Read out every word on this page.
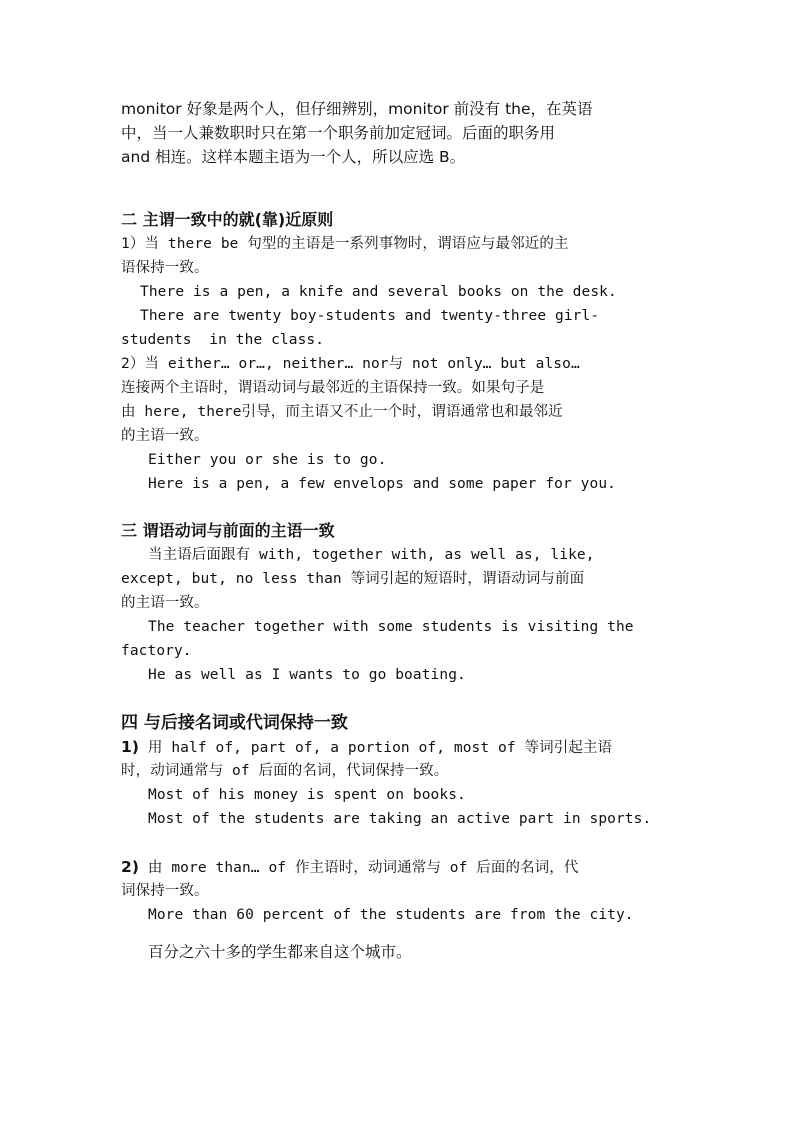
monitor 好象是两个人，但仔细辨别，monitor 前没有 the，在英语
中，当一人兼数职时只在第一个职务前加定冠词。后面的职务用
and 相连。这样本题主语为一个人，所以应选 B。
二 主谓一致中的就(靠)近原则
1）当 there be 句型的主语是一系列事物时，谓语应与最邻近的主
语保持一致。
There is a pen, a knife and several books on the desk.
There are twenty boy-students and twenty-three girl-
students  in the class.
2）当 either… or…, neither… nor与 not only… but also…
连接两个主语时，谓语动词与最邻近的主语保持一致。如果句子是
由 here, there引导，而主语又不止一个时，谓语通常也和最邻近
的主语一致。
Either you or she is to go.
Here is a pen, a few envelops and some paper for you.
三 谓语动词与前面的主语一致
当主语后面跟有 with, together with, as well as, like,
except, but, no less than 等词引起的短语时，谓语动词与前面
的主语一致。
The teacher together with some students is visiting the
factory.
He as well as I wants to go boating.
四 与后接名词或代词保持一致
1) 用 half of, part of, a portion of, most of 等词引起主语
时，动词通常与 of 后面的名词，代词保持一致。
Most of his money is spent on books.
Most of the students are taking an active part in sports.
2) 由 more than… of 作主语时，动词通常与 of 后面的名词，代
词保持一致。
More than 60 percent of the students are from the city.
百分之六十多的学生都来自这个城市。
